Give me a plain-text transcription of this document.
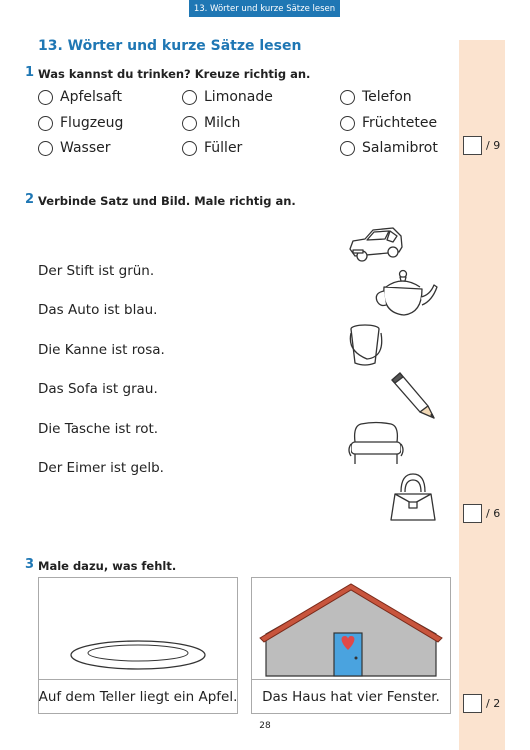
13. Wörter und kurze Sätze lesen
13. Wörter und kurze Sätze lesen
1 Was kannst du trinken? Kreuze richtig an.
Apfelsaft	Limonade	Telefon
Flugzeug	Milch	Früchtetee
Wasser	Füller	Salamibrot	/ 9
2 Verbinde Satz und Bild. Male richtig an.
Der Stift ist grün.
Das Auto ist blau.
Die Kanne ist rosa.
Das Sofa ist grau.
Die Tasche ist rot.
Der Eimer ist gelb.
/ 6
3 Male dazu, was fehlt.
Auf dem Teller liegt ein Apfel.	Das Haus hat vier Fenster.	/ 2
28
